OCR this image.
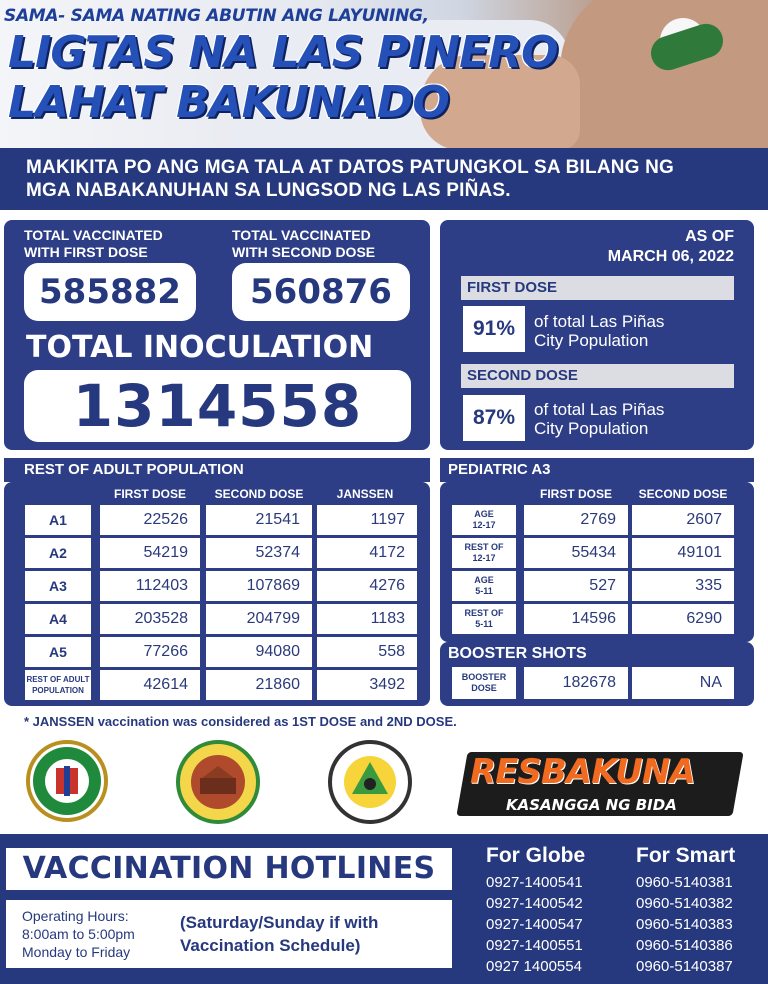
SAMA- SAMA NATING ABUTIN ANG LAYUNING,
LIGTAS NA LAS PINERO
LAHAT BAKUNADO
MAKIKITA PO ANG MGA TALA AT DATOS PATUNGKOL SA BILANG NG
MGA NABAKANUHAN SA LUNGSOD NG LAS PIÑAS.
TOTAL VACCINATED
WITH FIRST DOSE
TOTAL VACCINATED
WITH SECOND DOSE
585882	560876
TOTAL INOCULATION
1314558
AS OF
MARCH 06, 2022
FIRST DOSE
91%	of total Las Piñas
City Population
SECOND DOSE
87%	of total Las Piñas
City Population
REST OF ADULT POPULATION	PEDIATRIC A3
FIRST DOSE	SECOND DOSE	JANSSEN
A1	22526	21541	1197
A2	54219	52374	4172
A3	112403	107869	4276
A4	203528	204799	1183
A5	77266	94080	558
REST OF ADULT
POPULATION	42614	21860	3492
FIRST DOSE	SECOND DOSE
AGE
12-17	2769	2607
REST OF
12-17	55434	49101
AGE
5-11	527	335
REST OF
5-11	14596	6290
BOOSTER SHOTS
BOOSTER
DOSE	182678	NA
* JANSSEN vaccination was considered as 1ST DOSE and 2ND DOSE.
RESBAKUNA
KASANGGA NG BIDA
VACCINATION HOTLINES
Operating Hours:
8:00am to 5:00pm
Monday to Friday
(Saturday/Sunday if with
Vaccination Schedule)
For Globe
0927-1400541
0927-1400542
0927-1400547
0927-1400551
0927 1400554
For Smart
0960-5140381
0960-5140382
0960-5140383
0960-5140386
0960-5140387
